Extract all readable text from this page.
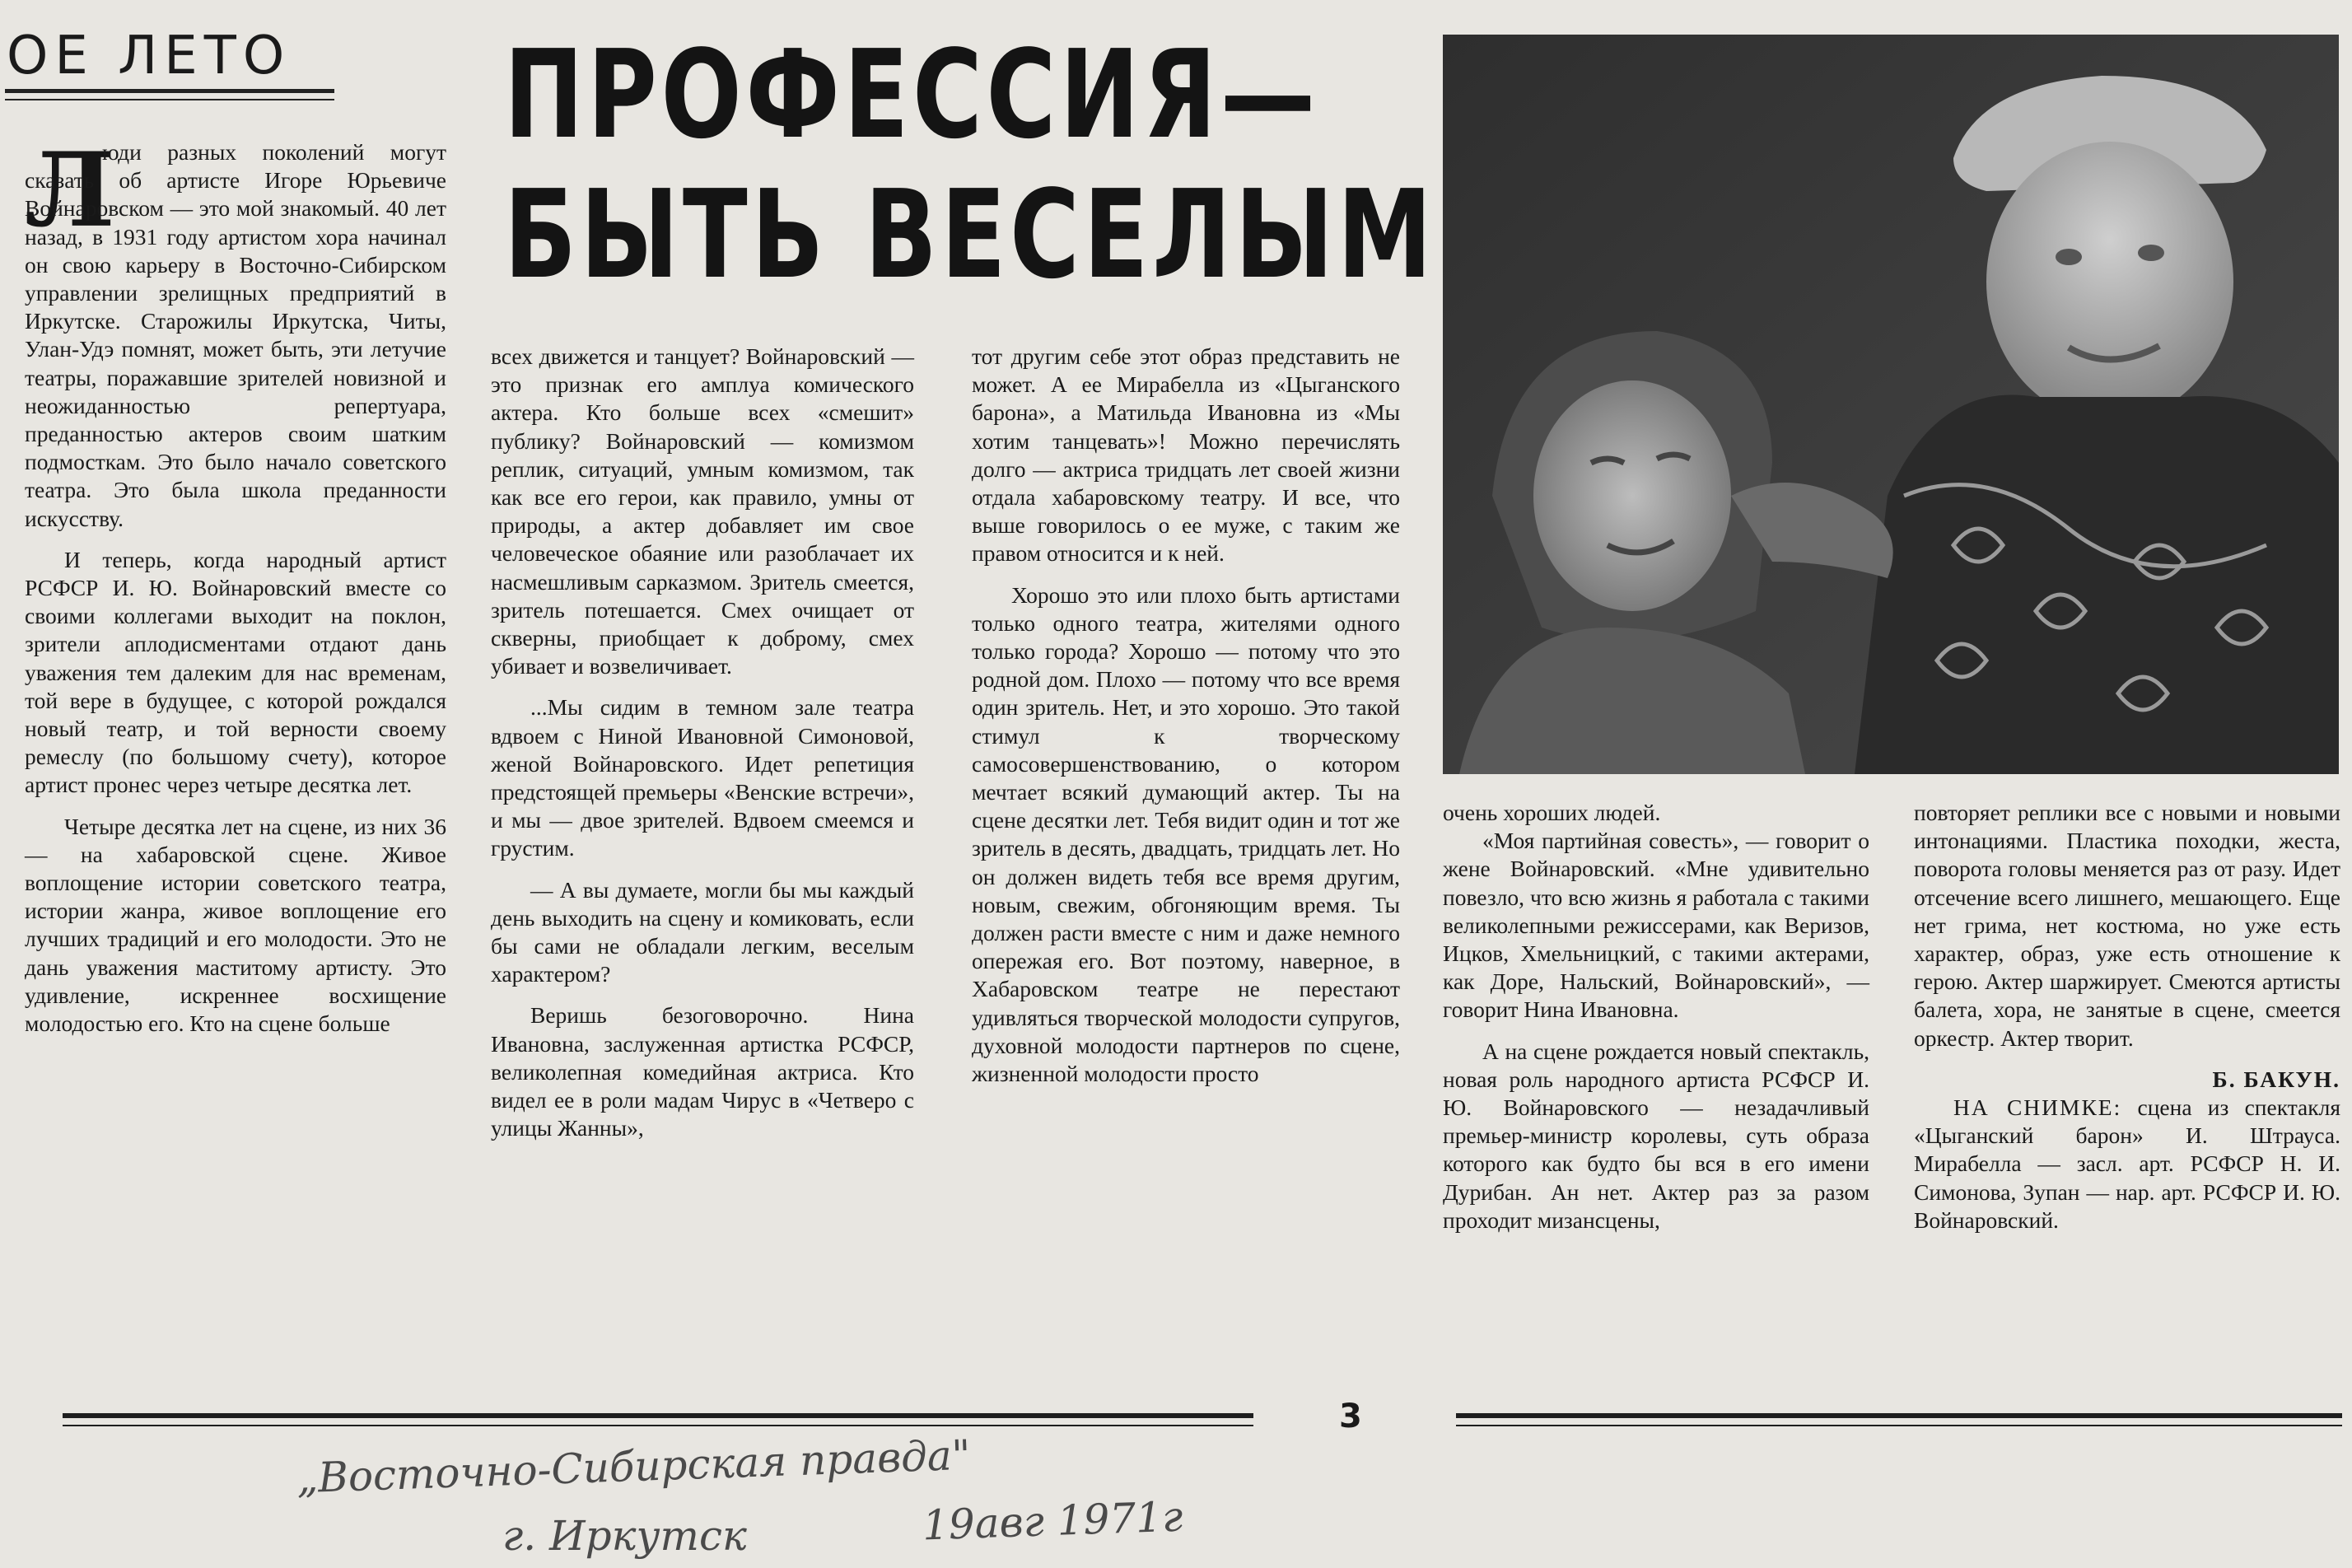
ОЕ ЛЕТО ПРОФЕССИЯ—
БЫТЬ ВЕСЕЛЫМ
Л

юди разных поколений могут сказать об артисте Игоре Юрьевиче Войнаровском — это мой знакомый. 40 лет назад, в 1931 году артистом хора начинал он свою карьеру в Восточно-Сибирском управлении зрелищных предприятий в Иркутске. Старожилы Иркутска, Читы, Улан-Удэ помнят, может быть, эти летучие театры, поражавшие зрителей новизной и неожиданностью репертуара, преданностью актеров своим шатким подмосткам. Это было начало советского театра. Это была школа преданности искусству.

И теперь, когда народный артист РСФСР И. Ю. Войнаровский вместе со своими коллегами выходит на поклон, зрители аплодисментами отдают дань уважения тем далеким для нас временам, той вере в будущее, с которой рождался новый театр, и той верности своему ремеслу (по большому счету), которое артист пронес через четыре десятка лет.

Четыре десятка лет на сцене, из них 36 — на хабаровской сцене. Живое воплощение истории советского театра, истории жанра, живое воплощение его лучших традиций и его молодости. Это не дань уважения маститому артисту. Это удивление, искреннее восхищение молодостью его. Кто на сцене больше

всех движется и танцует? Войнаровский — это признак его амплуа комического актера. Кто больше всех «смешит» публику? Войнаровский — комизмом реплик, ситуаций, умным комизмом, так как все его герои, как правило, умны от природы, а актер добавляет им свое человеческое обаяние или разоблачает их насмешливым сарказмом. Зритель смеется, зритель потешается. Смех очищает от скверны, приобщает к доброму, смех убивает и возвеличивает.

...Мы сидим в темном зале театра вдвоем с Ниной Ивановной Симоновой, женой Войнаровского. Идет репетиция предстоящей премьеры «Венские встречи», и мы — двое зрителей. Вдвоем смеемся и грустим.

— А вы думаете, могли бы мы каждый день выходить на сцену и комиковать, если бы сами не обладали легким, веселым характером?

Веришь безоговорочно. Нина Ивановна, заслуженная артистка РСФСР, великолепная комедийная актриса. Кто видел ее в роли мадам Чирус в «Четверо с улицы Жанны»,

тот другим себе этот образ представить не может. А ее Мирабелла из «Цыганского барона», а Матильда Ивановна из «Мы хотим танцевать»! Можно перечислять долго — актриса тридцать лет своей жизни отдала хабаровскому театру. И все, что выше говорилось о ее муже, с таким же правом относится и к ней.

Хорошо это или плохо быть артистами только одного театра, жителями одного только города? Хорошо — потому что это родной дом. Плохо — потому что все время один зритель. Нет, и это хорошо. Это такой стимул к творческому самосовершенствованию, о котором мечтает всякий думающий актер. Ты на сцене десятки лет. Тебя видит один и тот же зритель в десять, двадцать, тридцать лет. Но он должен видеть тебя все время другим, новым, свежим, обгоняющим время. Ты должен расти вместе с ним и даже немного опережая его. Вот поэтому, наверное, в Хабаровском театре не перестают удивляться творческой молодости супругов, духовной молодости партнеров по сцене, жизненной молодости просто

очень хороших людей.

«Моя партийная совесть», — говорит о жене Войнаровский. «Мне удивительно повезло, что всю жизнь я работала с такими великолепными режиссерами, как Веризов, Ицков, Хмельницкий, с такими актерами, как Доре, Нальский, Войнаровский», — говорит Нина Ивановна.

А на сцене рождается новый спектакль, новая роль народного артиста РСФСР И. Ю. Войнаровского — незадачливый премьер-министр королевы, суть образа которого как будто бы вся в его имени Дурибан. Ан нет. Актер раз за разом проходит мизансцены,

повторяет реплики все с новыми и новыми интонациями. Пластика походки, жеста, поворота головы меняется раз от разу. Идет отсечение всего лишнего, мешающего. Еще нет грима, нет костюма, но уже есть характер, образ, уже есть отношение к герою. Актер шаржирует. Смеются артисты балета, хора, не занятые в сцене, смеется оркестр. Актер творит.

Б. БАКУН.

НА СНИМКЕ: сцена из спектакля «Цыганский барон» И. Штрауса. Мирабелла — засл. арт. РСФСР Н. И. Симонова, Зупан — нар. арт. РСФСР И. Ю. Войнаровский.

3
„Восточно-Сибирская правда"
г. Иркутск	19авг 1971г
